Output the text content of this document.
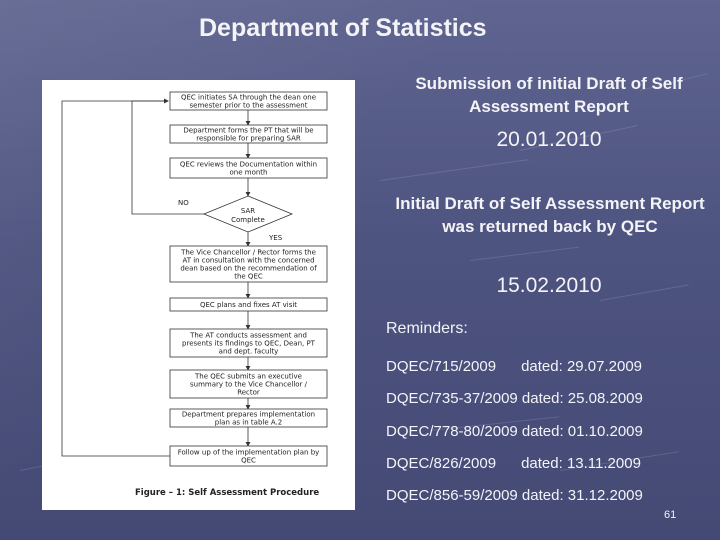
Department of Statistics
QEC initiates SA through the dean one
semester prior to the assessment
Department forms the PT that will be
responsible for preparing SAR
QEC reviews the Documentation within
one month
The Vice Chancellor / Rector forms the
AT in consultation with the concerned
dean based on the recommendation of
the QEC
QEC plans and fixes AT visit
The AT conducts assessment and
presents its findings to QEC, Dean, PT
and dept. faculty
The QEC submits an executive
summary to the Vice Chancellor /
Rector
Department prepares implementation
plan as in table A.2
Follow up of the implementation plan by
QEC
SAR
Complete
NO
YES
Figure – 1: Self Assessment Procedure
Submission of initial Draft of Self Assessment Report
20.01.2010
Initial Draft of Self Assessment Report was returned back by QEC
15.02.2010
Reminders:
DQEC/715/2009      dated: 29.07.2009
DQEC/735-37/2009 dated: 25.08.2009
DQEC/778-80/2009 dated: 01.10.2009
DQEC/826/2009      dated: 13.11.2009
DQEC/856-59/2009 dated: 31.12.2009
61
